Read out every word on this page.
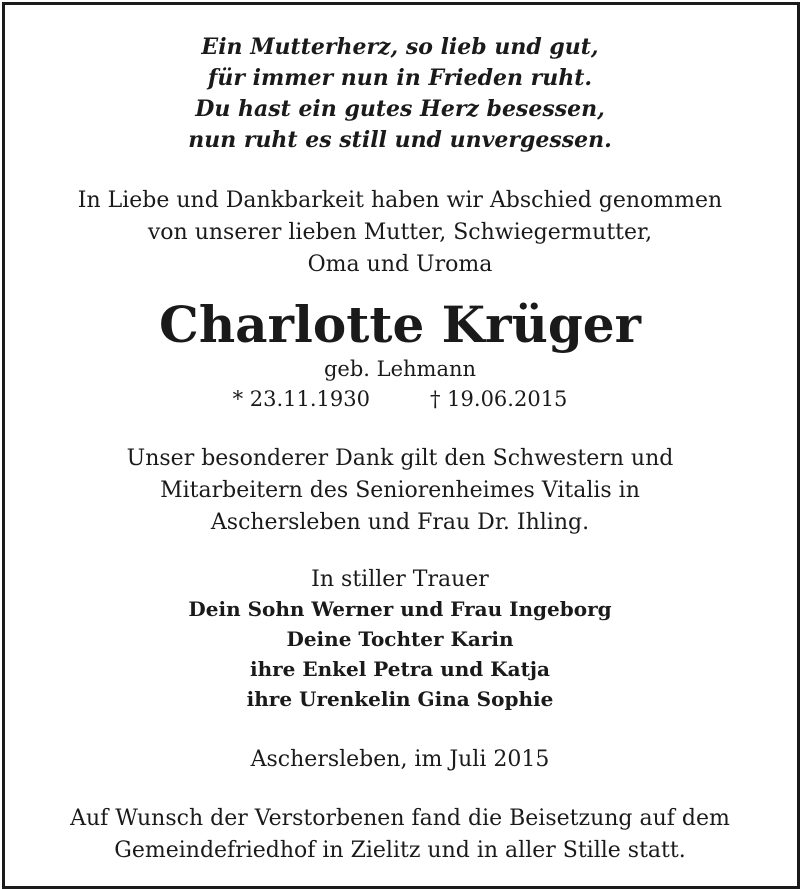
Ein Mutterherz, so lieb und gut,
für immer nun in Frieden ruht.
Du hast ein gutes Herz besessen,
nun ruht es still und unvergessen.
In Liebe und Dankbarkeit haben wir Abschied genommen
von unserer lieben Mutter, Schwiegermutter,
Oma und Uroma
Charlotte Krüger
geb. Lehmann
* 23.11.1930	† 19.06.2015
Unser besonderer Dank gilt den Schwestern und
Mitarbeitern des Seniorenheimes Vitalis in
Aschersleben und Frau Dr. Ihling.
In stiller Trauer
Dein Sohn Werner und Frau Ingeborg
Deine Tochter Karin
ihre Enkel Petra und Katja
ihre Urenkelin Gina Sophie
Aschersleben, im Juli 2015
Auf Wunsch der Verstorbenen fand die Beisetzung auf dem
Gemeindefriedhof in Zielitz und in aller Stille statt.
